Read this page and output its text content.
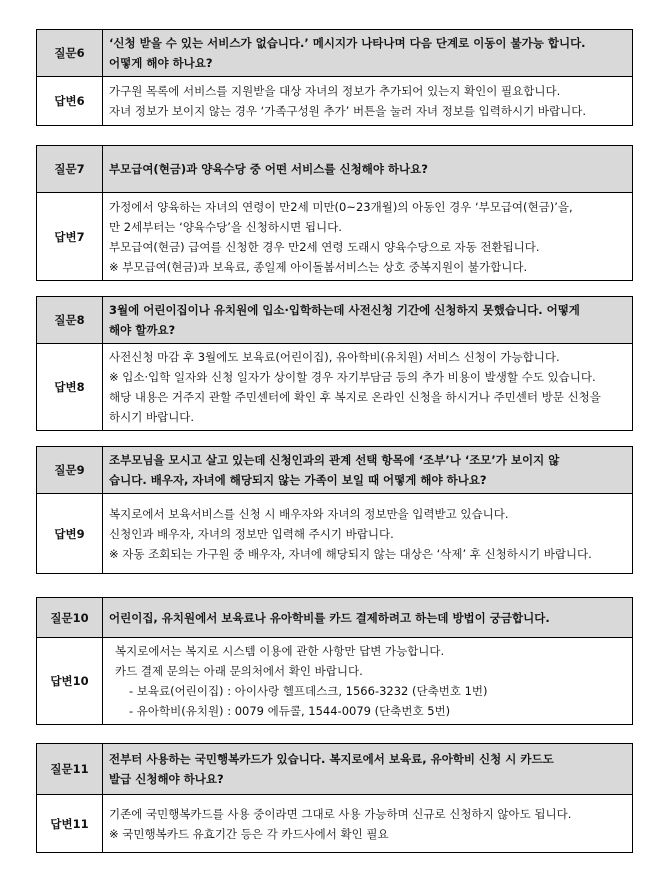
질문6	‘신청 받을 수 있는 서비스가 없습니다.’ 메시지가 나타나며 다음 단계로 이동이 불가능 합니다.
어떻게 해야 하나요?

답변6	가구원 목록에 서비스를 지원받을 대상 자녀의 정보가 추가되어 있는지 확인이 필요합니다.
자녀 정보가 보이지 않는 경우 ‘가족구성원 추가’ 버튼을 눌러 자녀 정보를 입력하시기 바랍니다.
질문7	부모급여(현금)과 양육수당 중 어떤 서비스를 신청해야 하나요?

답변7	가정에서 양육하는 자녀의 연령이 만2세 미만(0~23개월)의 아동인 경우 ‘부모급여(현금)’을,
만 2세부터는 ‘양육수당’을 신청하시면 됩니다.
부모급여(현금) 급여를 신청한 경우 만2세 연령 도래시 양육수당으로 자동 전환됩니다.
※ 부모급여(현금)과 보육료, 종일제 아이돌봄서비스는 상호 중복지원이 불가합니다.
질문8	3월에 어린이집이나 유치원에 입소·입학하는데 사전신청 기간에 신청하지 못했습니다. 어떻게
해야 할까요?

답변8	사전신청 마감 후 3월에도 보육료(어린이집), 유아학비(유치원) 서비스 신청이 가능합니다.
※ 입소·입학 일자와 신청 일자가 상이할 경우 자기부담금 등의 추가 비용이 발생할 수도 있습니다.
해당 내용은 거주지 관할 주민센터에 확인 후 복지로 온라인 신청을 하시거나 주민센터 방문 신청을
하시기 바랍니다.
질문9	조부모님을 모시고 살고 있는데 신청인과의 관계 선택 항목에 ‘조부’나 ‘조모’가 보이지 않
습니다. 배우자, 자녀에 해당되지 않는 가족이 보일 때 어떻게 해야 하나요?

답변9	복지로에서 보육서비스를 신청 시 배우자와 자녀의 정보만을 입력받고 있습니다.
신청인과 배우자, 자녀의 정보만 입력해 주시기 바랍니다.
※ 자동 조회되는 가구원 중 배우자, 자녀에 해당되지 않는 대상은 ‘삭제’ 후 신청하시기 바랍니다.
질문10	어린이집, 유치원에서 보육료나 유아학비를 카드 결제하려고 하는데 방법이 궁금합니다.

답변10	복지로에서는 복지로 시스템 이용에 관한 사항만 답변 가능합니다.
카드 결제 문의는 아래 문의처에서 확인 바랍니다.
- 보육료(어린이집) : 아이사랑 헬프데스크, 1566-3232 (단축번호 1번)
- 유아학비(유치원) : 0079 에듀콜, 1544-0079 (단축번호 5번)
질문11	전부터 사용하는 국민행복카드가 있습니다. 복지로에서 보육료, 유아학비 신청 시 카드도
발급 신청해야 하나요?

답변11	기존에 국민행복카드를 사용 중이라면 그대로 사용 가능하며 신규로 신청하지 않아도 됩니다.
※ 국민행복카드 유효기간 등은 각 카드사에서 확인 필요
